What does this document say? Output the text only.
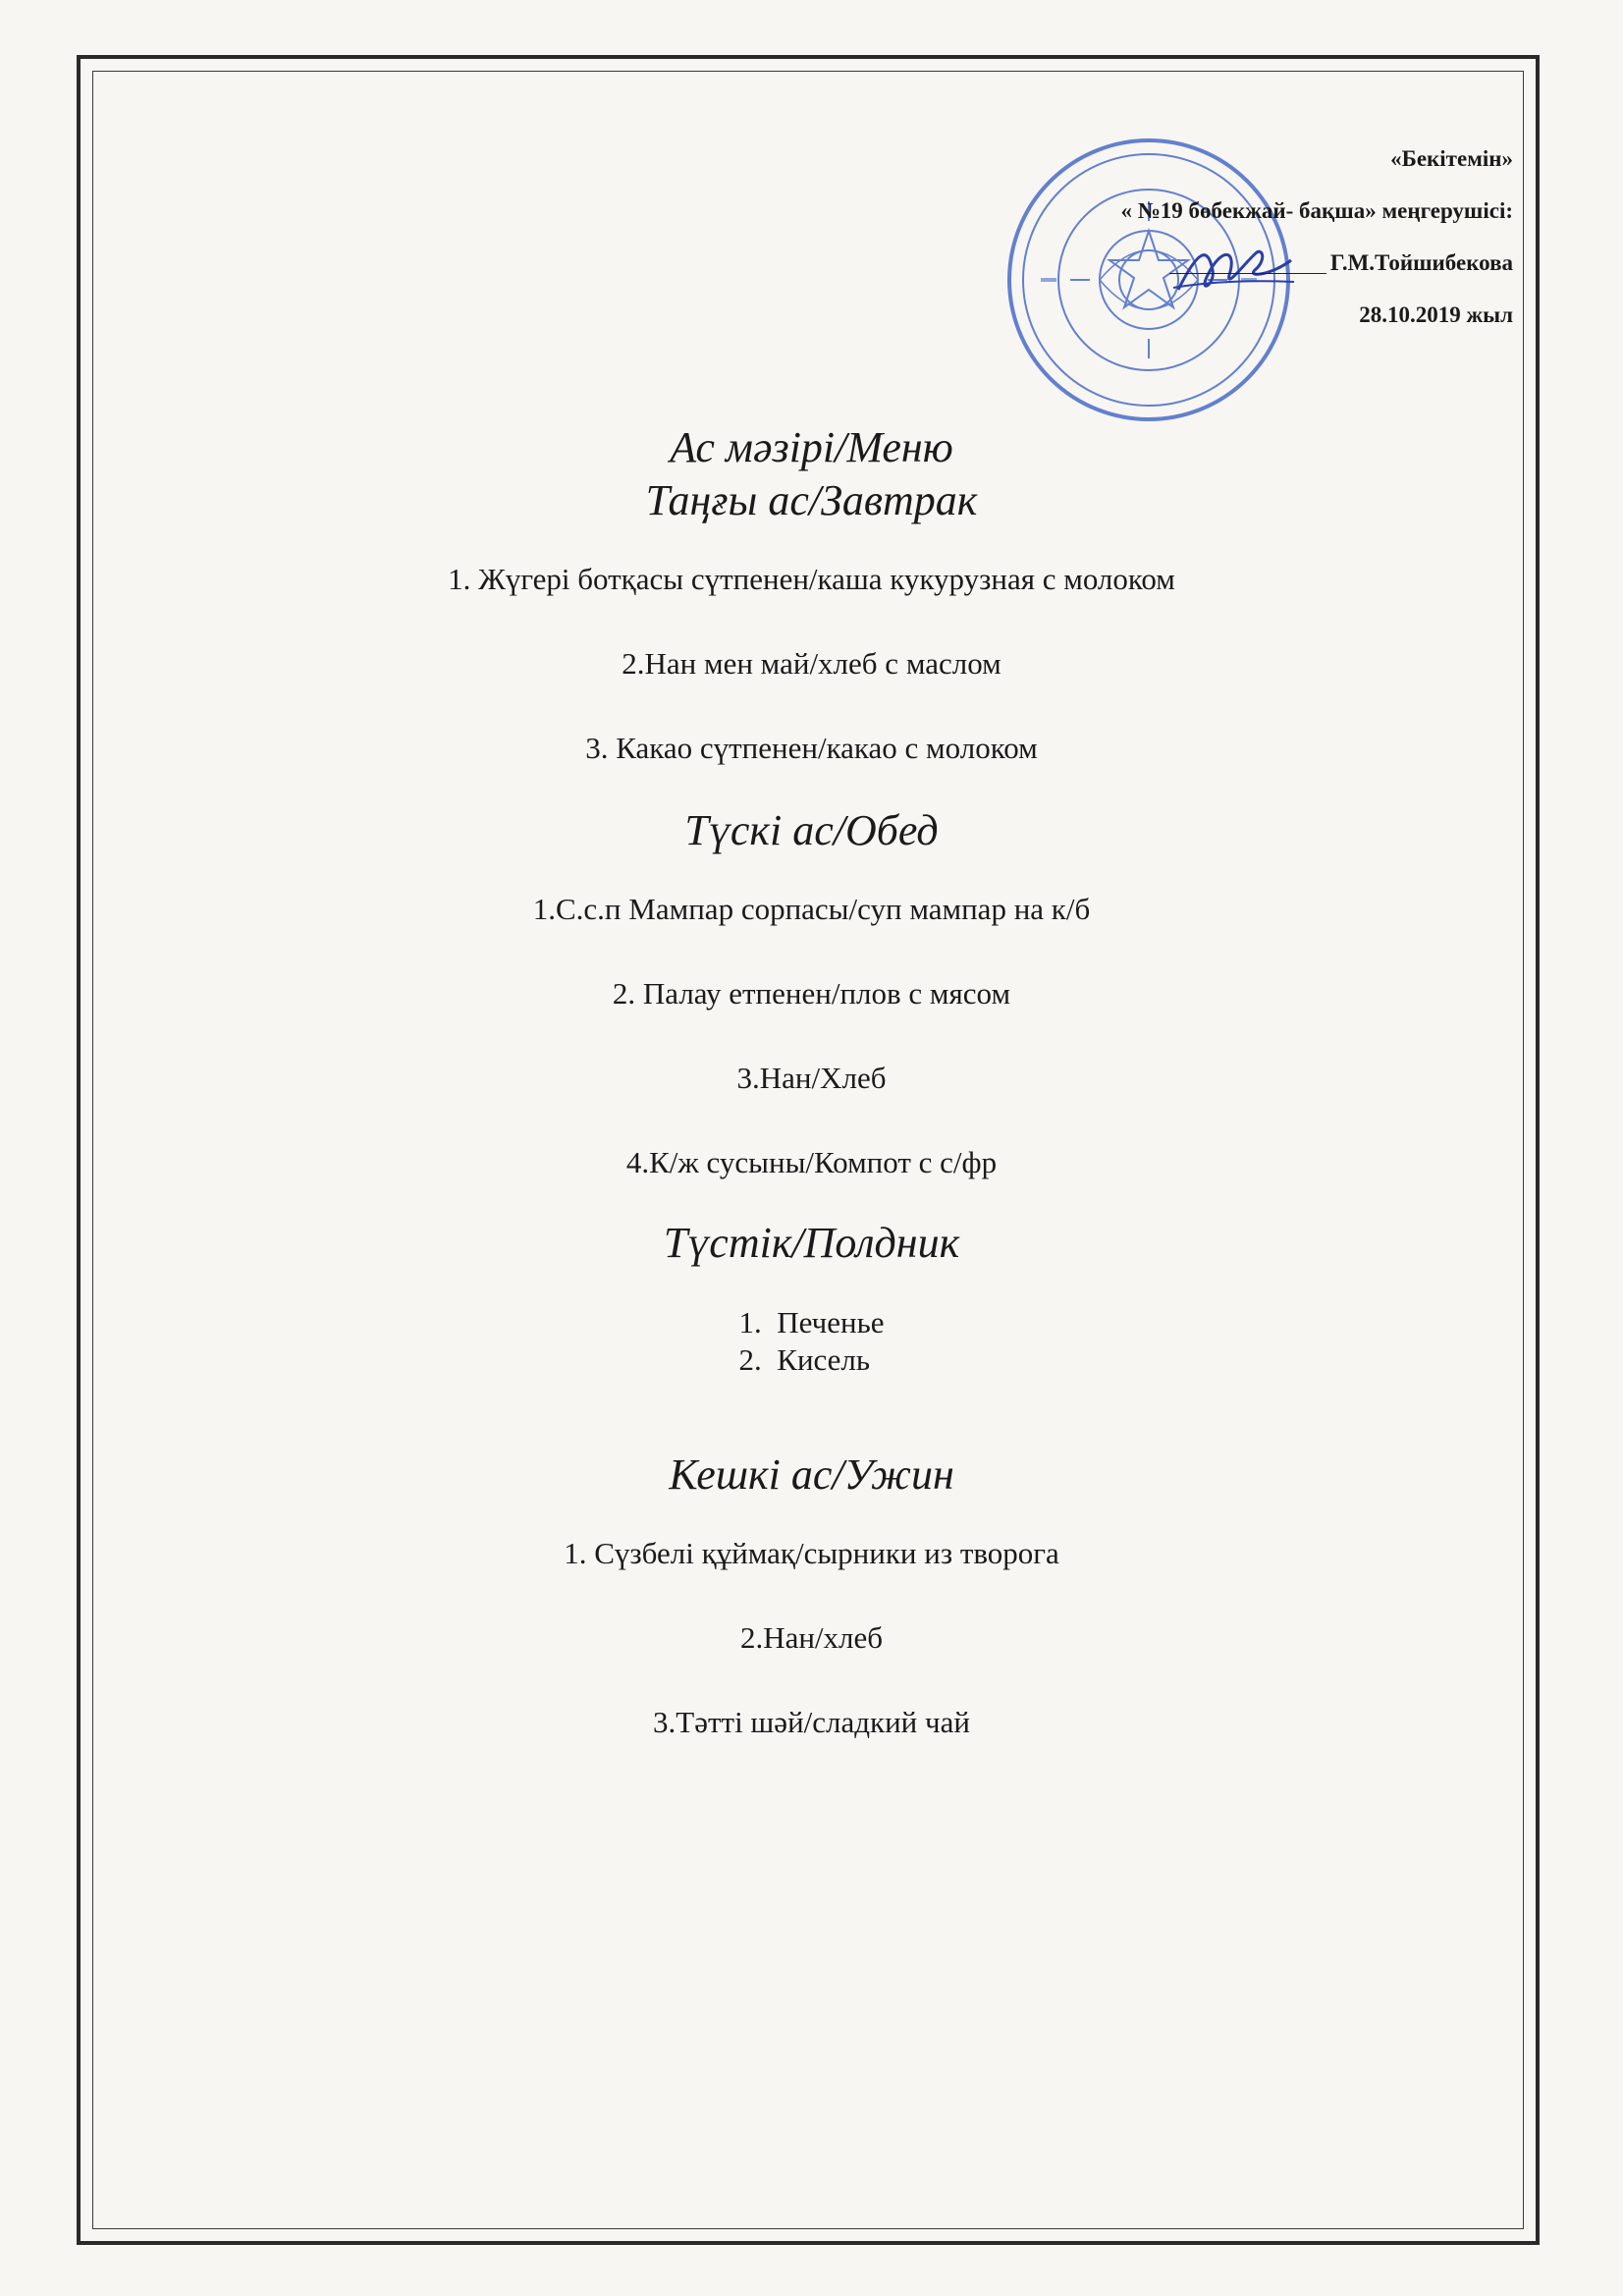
«Бекітемін»
« №19 бөбекжай- бақша» меңгерушісі:
Г.М.Тойшибекова
28.10.2019 жыл

Ас мәзірі/Меню

Таңғы ас/Завтрак

1. Жүгері ботқасы сүтпенен/каша кукурузная с молоком

2.Нан мен май/хлеб с маслом

3. Какао сүтпенен/какао с молоком

Түскі ас/Обед

1.С.с.п Мампар сорпасы/суп мампар на к/б

2. Палау етпенен/плов с мясом

3.Нан/Хлеб

4.К/ж сусыны/Компот с с/фр

Түстік/Полдник

1.  Печенье
2.  Кисель

Кешкі ас/Ужин

1. Сүзбелі құймақ/сырники из творога

2.Нан/хлеб

3.Тәтті шәй/сладкий чай
